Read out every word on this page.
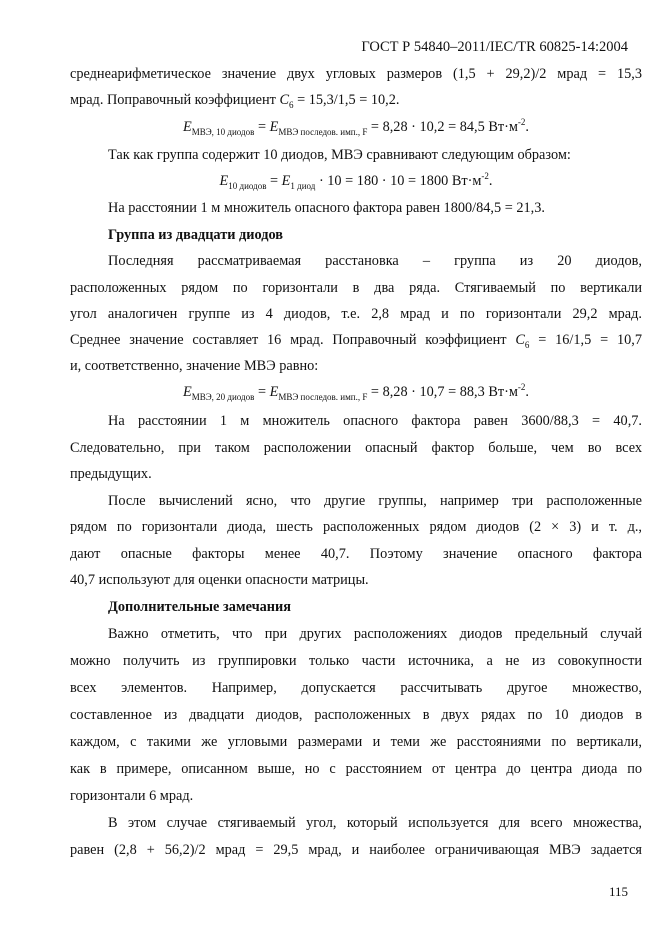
ГОСТ Р 54840–2011/IEC/TR 60825-14:2004
среднеарифметическое значение двух угловых размеров (1,5 + 29,2)/2 мрад = 15,3
мрад. Поправочный коэффициент $C_6 = 15,3/1,5 = 10,2$.
$E_{МВЭ, 10 диодов} = E_{МВЭ последов. имп., F} = 8,28 \cdot 10,2 = 84,5$ $Вт\cdot м^{-2}$.
Так как группа содержит 10 диодов, МВЭ сравнивают следующим образом:
$E_{10 диодов} = E_{1 диод} \cdot 10 = 180 \cdot 10 = 1800$ $Вт\cdot м^{-2}$.
На расстоянии 1 м множитель опасного фактора равен 1800/84,5 = 21,3.
Группа из двадцати диодов
Последняя рассматриваемая расстановка – группа из 20 диодов,
расположенных рядом по горизонтали в два ряда. Стягиваемый по вертикали
угол аналогичен группе из 4 диодов, т.е. 2,8 мрад и по горизонтали 29,2 мрад.
Среднее значение составляет 16 мрад. Поправочный коэффициент $C_6 = 16/1,5 = 10,7$
и, соответственно, значение МВЭ равно:
$E_{МВЭ, 20 диодов} = E_{МВЭ последов. имп., F} = 8,28 \cdot 10,7 = 88,3$ $Вт\cdot м^{-2}$.
На расстоянии 1 м множитель опасного фактора равен 3600/88,3 = 40,7.
Следовательно, при таком расположении опасный фактор больше, чем во всех
предыдущих.
После вычислений ясно, что другие группы, например три расположенные
рядом по горизонтали диода, шесть расположенных рядом диодов (2 × 3) и т. д.,
дают опасные факторы менее 40,7. Поэтому значение опасного фактора
40,7 используют для оценки опасности матрицы.
Дополнительные замечания
Важно отметить, что при других расположениях диодов предельный случай
можно получить из группировки только части источника, а не из совокупности
всех элементов. Например, допускается рассчитывать другое множество,
составленное из двадцати диодов, расположенных в двух рядах по 10 диодов в
каждом, с такими же угловыми размерами и теми же расстояниями по вертикали,
как в примере, описанном выше, но с расстоянием от центра до центра диода по
горизонтали 6 мрад.
В этом случае стягиваемый угол, который используется для всего множества,
равен (2,8 + 56,2)/2 мрад = 29,5 мрад, и наиболее ограничивающая МВЭ задается
115
